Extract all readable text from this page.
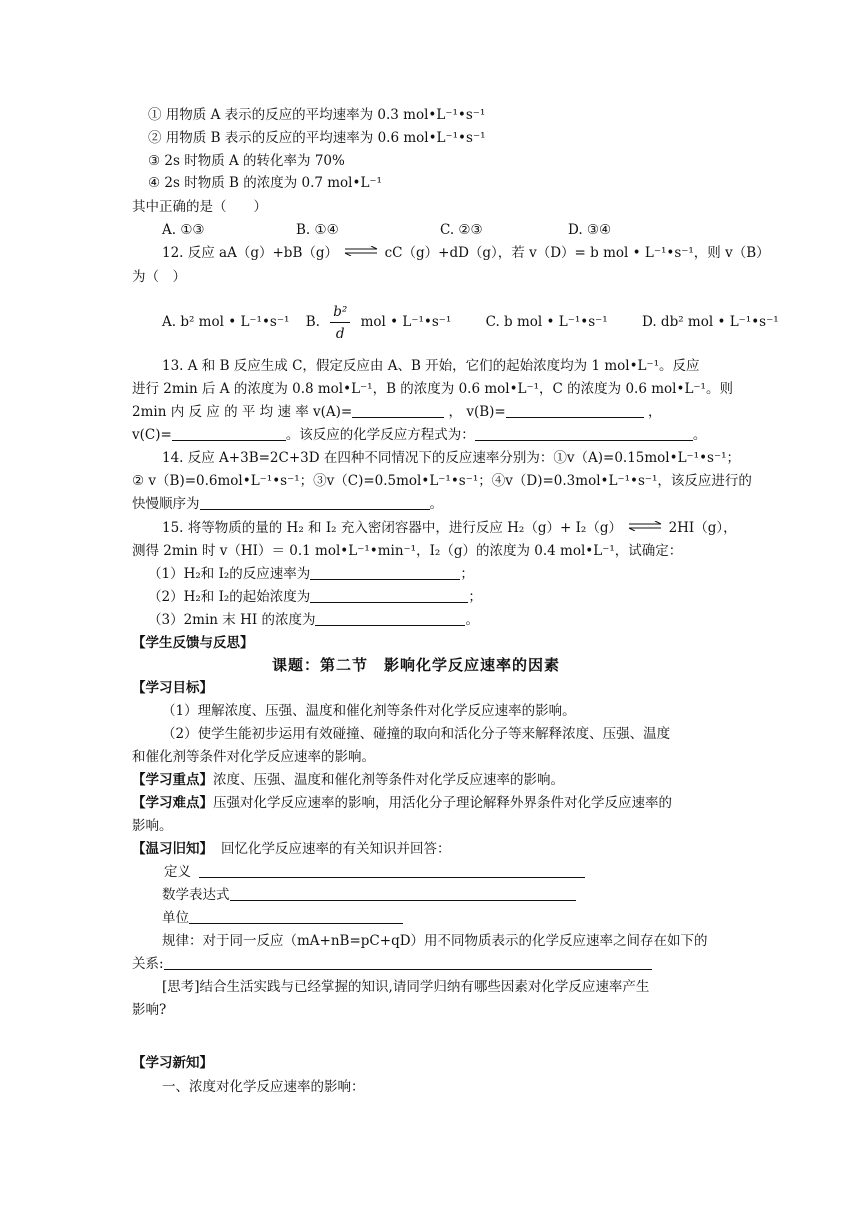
① 用物质 A 表示的反应的平均速率为 0.3 mol•L⁻¹•s⁻¹
② 用物质 B 表示的反应的平均速率为 0.6 mol•L⁻¹•s⁻¹
③ 2s 时物质 A 的转化率为 70%
④ 2s 时物质 B 的浓度为 0.7 mol•L⁻¹
其中正确的是（　　）
A. ①③	B. ①④	C. ②③	D. ③④
12. 反应 aA（g）+bB（g） ⇌ cC（g）+dD（g），若 v（D）= b mol • L⁻¹•s⁻¹，则 v（B）
为（　）
A. b² mol • L⁻¹•s⁻¹ B. $\frac{\text{b²}}{d}$ mol • L⁻¹•s⁻¹	C. b mol • L⁻¹•s⁻¹	D. db² mol • L⁻¹•s⁻¹
13. A 和 B 反应生成 C，假定反应由 A、B 开始，它们的起始浓度均为 1 mol•L⁻¹。反应
进行 2min 后 A 的浓度为 0.8 mol•L⁻¹，B 的浓度为 0.6 mol•L⁻¹，C 的浓度为 0.6 mol•L⁻¹。则
2min 内 反 应 的 平 均 速 率 v(A)=	， v(B)=	，
v(C)=	。该反应的化学反应方程式为：	。
14. 反应 A+3B=2C+3D 在四种不同情况下的反应速率分别为：①v（A)=0.15mol•L⁻¹•s⁻¹；
② v（B)=0.6mol•L⁻¹•s⁻¹；③v（C)=0.5mol•L⁻¹•s⁻¹；④v（D)=0.3mol•L⁻¹•s⁻¹，该反应进行的
快慢顺序为	。
15. 将等物质的量的 H₂ 和 I₂ 充入密闭容器中，进行反应 H₂（g）+ I₂（g） ⇌ 2HI（g），
测得 2min 时 v（HI）＝ 0.1 mol•L⁻¹•min⁻¹，I₂（g）的浓度为 0.4 mol•L⁻¹，试确定：
（1）H₂和 I₂的反应速率为	；
（2）H₂和 I₂的起始浓度为	；
（3）2min 末 HI 的浓度为	。
【学生反馈与反思】
课题：第二节　影响化学反应速率的因素
【学习目标】
（1）理解浓度、压强、温度和催化剂等条件对化学反应速率的影响。
（2）使学生能初步运用有效碰撞、碰撞的取向和活化分子等来解释浓度、压强、温度
和催化剂等条件对化学反应速率的影响。
【学习重点】浓度、压强、温度和催化剂等条件对化学反应速率的影响。
【学习难点】压强对化学反应速率的影响，用活化分子理论解释外界条件对化学反应速率的
影响。
【温习旧知】 回忆化学反应速率的有关知识并回答：
定义
数学表达式
单位
规律：对于同一反应（mA+nB=pC+qD）用不同物质表示的化学反应速率之间存在如下的
关系:
[思考]结合生活实践与已经掌握的知识,请同学归纳有哪些因素对化学反应速率产生
影响?
【学习新知】
一、浓度对化学反应速率的影响：
